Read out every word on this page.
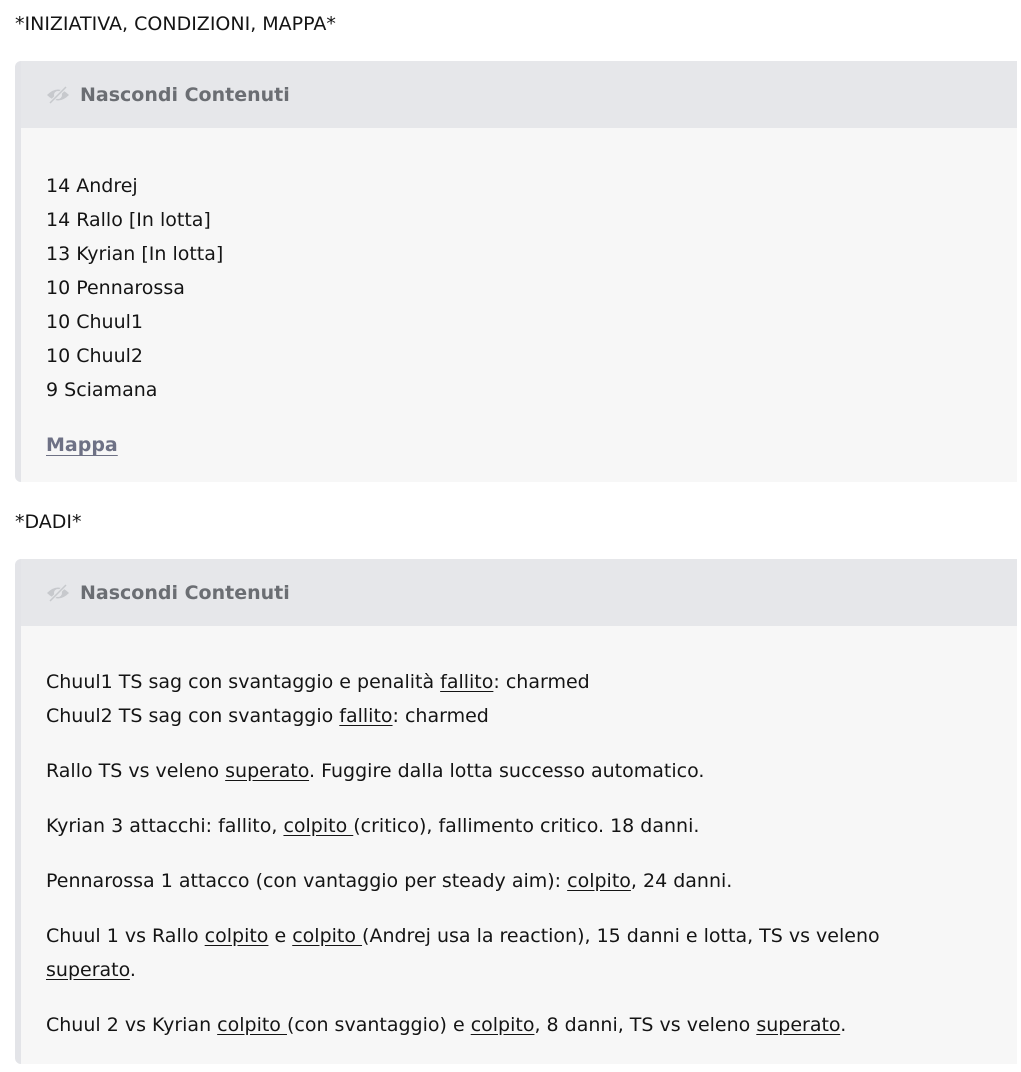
*INIZIATIVA, CONDIZIONI, MAPPA*
Nascondi Contenuti
14 Andrej
14 Rallo [In lotta]
13 Kyrian [In lotta]
10 Pennarossa
10 Chuul1
10 Chuul2
9 Sciamana
Mappa
*DADI*
Nascondi Contenuti
Chuul1 TS sag con svantaggio e penalità fallito: charmed
Chuul2 TS sag con svantaggio fallito: charmed
Rallo TS vs veleno superato. Fuggire dalla lotta successo automatico.
Kyrian 3 attacchi: fallito, colpito (critico), fallimento critico. 18 danni.
Pennarossa 1 attacco (con vantaggio per steady aim): colpito, 24 danni.
Chuul 1 vs Rallo colpito e colpito (Andrej usa la reaction), 15 danni e lotta, TS vs veleno
superato.
Chuul 2 vs Kyrian colpito (con svantaggio) e colpito, 8 danni, TS vs veleno superato.
